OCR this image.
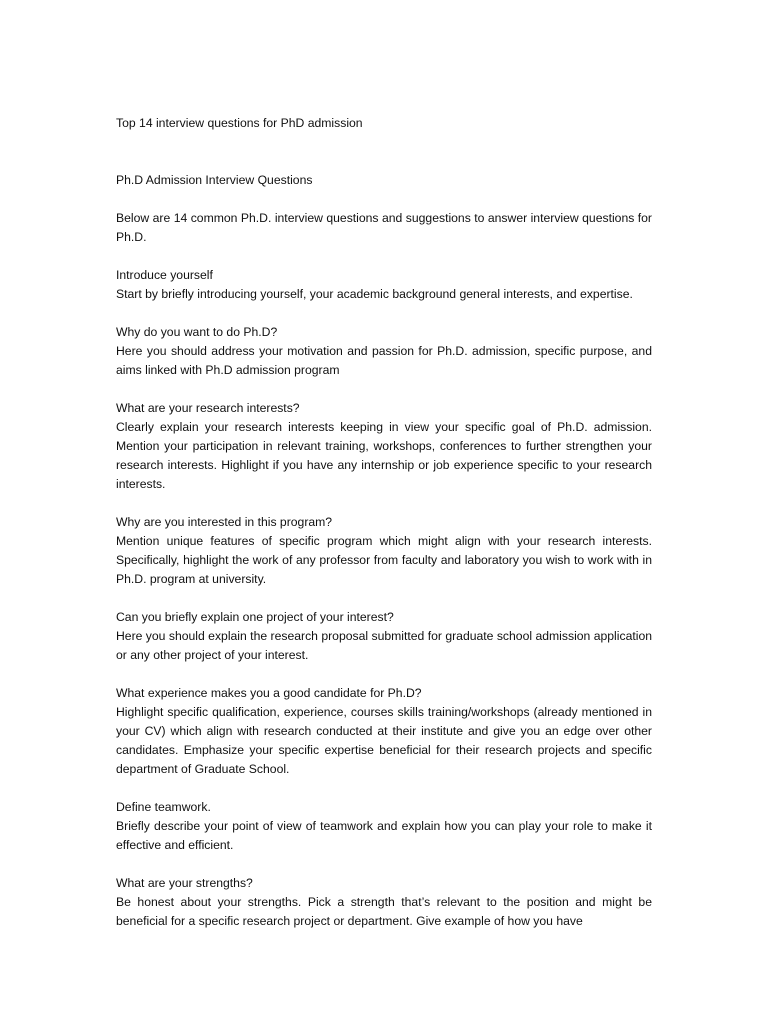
Top 14 interview questions for PhD admission

Ph.D Admission Interview Questions

Below are 14 common Ph.D. interview questions and suggestions to answer interview questions for Ph.D.

Introduce yourself

Start by briefly introducing yourself, your academic background general interests, and expertise.

Why do you want to do Ph.D?

Here you should address your motivation and passion for Ph.D. admission, specific purpose, and aims linked with Ph.D admission program

What are your research interests?

Clearly explain your research interests keeping in view your specific goal of Ph.D. admission. Mention your participation in relevant training, workshops, conferences to further strengthen your research interests. Highlight if you have any internship or job experience specific to your research interests.

Why are you interested in this program?

Mention unique features of specific program which might align with your research interests. Specifically, highlight the work of any professor from faculty and laboratory you wish to work with in Ph.D. program at university.

Can you briefly explain one project of your interest?

Here you should explain the research proposal submitted for graduate school admission application or any other project of your interest.

What experience makes you a good candidate for Ph.D?

Highlight specific qualification, experience, courses skills training/workshops (already mentioned in your CV) which align with research conducted at their institute and give you an edge over other candidates. Emphasize your specific expertise beneficial for their research projects and specific department of Graduate School.

Define teamwork.

Briefly describe your point of view of teamwork and explain how you can play your role to make it effective and efficient.

What are your strengths?

Be honest about your strengths. Pick a strength that’s relevant to the position and might be beneficial for a specific research project or department. Give example of how you have
